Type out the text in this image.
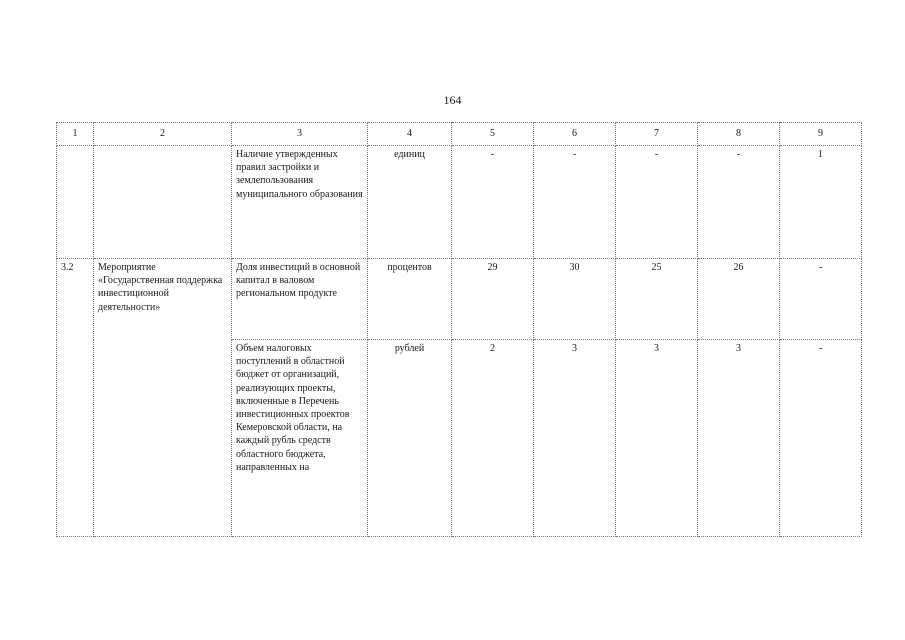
164
1	2	3	4	5	6	7	8	9
		Наличие утвержденных правил застройки и землепользования муниципального образования	единиц	-	-	-	-	1
3.2	Мероприятие «Государственная поддержка инвестиционной деятельности»	Доля инвестиций в основной капитал в валовом региональном продукте	процентов	29	30	25	26	-
		Объем налоговых поступлений в областной бюджет от организаций, реализующих проекты, включенные в Перечень инвестиционных проектов Кемеровской области, на каждый рубль средств областного бюджета, направленных на	рублей	2	3	3	3	-
